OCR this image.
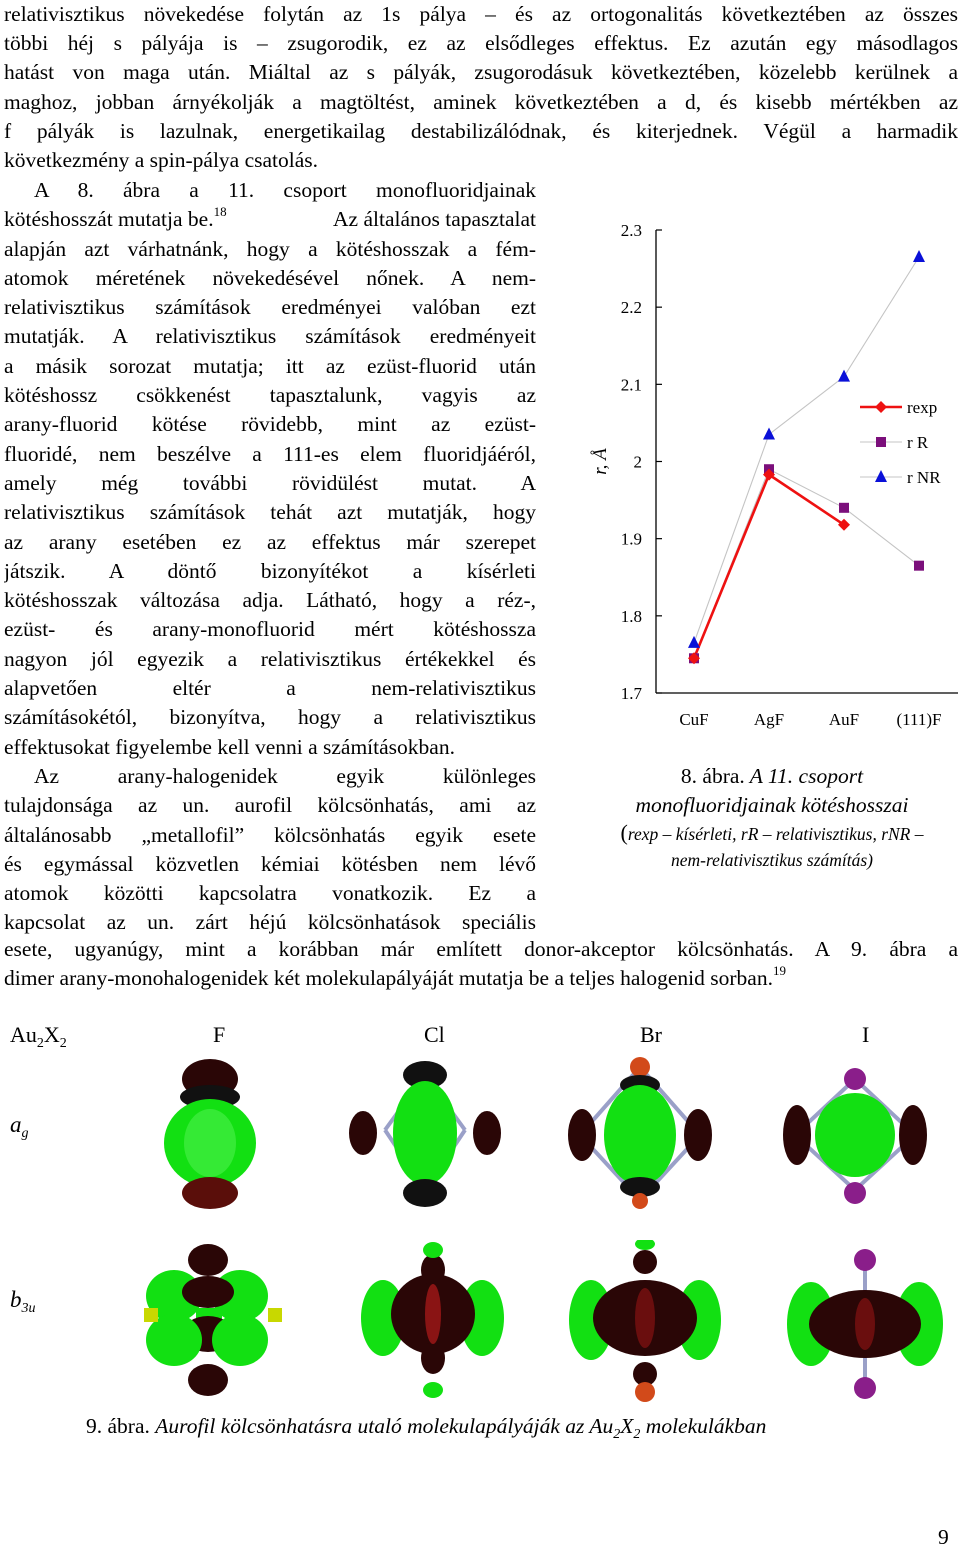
relativisztikus növekedése folytán az 1s pálya – és az ortogonalitás következtében az összes
többi héj s pályája is – zsugorodik, ez az elsődleges effektus. Ez azután egy másodlagos
hatást von maga után. Miáltal az s pályák, zsugorodásuk következtében, közelebb kerülnek a
maghoz, jobban árnyékolják a magtöltést, aminek következtében a d, és kisebb mértékben az
f pályák is lazulnak, energetikailag destabilizálódnak, és kiterjednek. Végül a harmadik
következmény a spin-pálya csatolás.
A 8. ábra a 11. csoport monofluoridjainak
kötéshosszát mutatja be.$^{18}$	Az általános tapasztalat
alapján azt várhatnánk, hogy a kötéshosszak a fém-
atomok méretének növekedésével nőnek. A nem-
relativisztikus számítások eredményei valóban ezt
mutatják. A relativisztikus számítások eredményeit
a másik sorozat mutatja; itt az ezüst-fluorid után
kötéshossz csökkenést tapasztalunk, vagyis az
arany-fluorid kötése rövidebb, mint az ezüst-
fluoridé, nem beszélve a 111-es elem fluoridjáéról,
amely még további rövidülést mutat. A
relativisztikus számítások tehát azt mutatják, hogy
az arany esetében ez az effektus már szerepet
játszik. A döntő bizonyítékot a kísérleti
kötéshosszak változása adja. Látható, hogy a réz-,
ezüst- és arany-monofluorid mért kötéshossza
nagyon jól egyezik a relativisztikus értékekkel és
alapvetően eltér a nem-relativisztikus
számításokétól, bizonyítva, hogy a relativisztikus
effektusokat figyelembe kell venni a számításokban.
Az arany-halogenidek egyik különleges
tulajdonsága az un. aurofil kölcsönhatás, ami az
általánosabb „metallofil” kölcsönhatás egyik esete
és egymással közvetlen kémiai kötésben nem lévő
atomok közötti kapcsolatra vonatkozik. Ez a
kapcsolat az un. zárt héjú kölcsönhatások speciális
1.7
1.8
1.9
2
2.1
2.2
2.3
CuF	AgF	AuF (111)F
r, Å
rexp
r R
r NR
8. ábra. A 11. csoport
monofluoridjainak kötéshosszai
(rexp – kísérleti, rR – relativisztikus, rNR –
nem-relativisztikus számítás)
esete, ugyanúgy, mint a korábban már említett donor-akceptor kölcsönhatás. A 9. ábra a
dimer arany-monohalogenidek két molekulapályáját mutatja be a teljes halogenid sorban.$^{19}$
$Au_2X_2$	F	Cl	Br	I
$a_g$
$b_{3u}$
9. ábra. Aurofil kölcsönhatásra utaló molekulapályáják az $Au_2X_2$ molekulákban
9
